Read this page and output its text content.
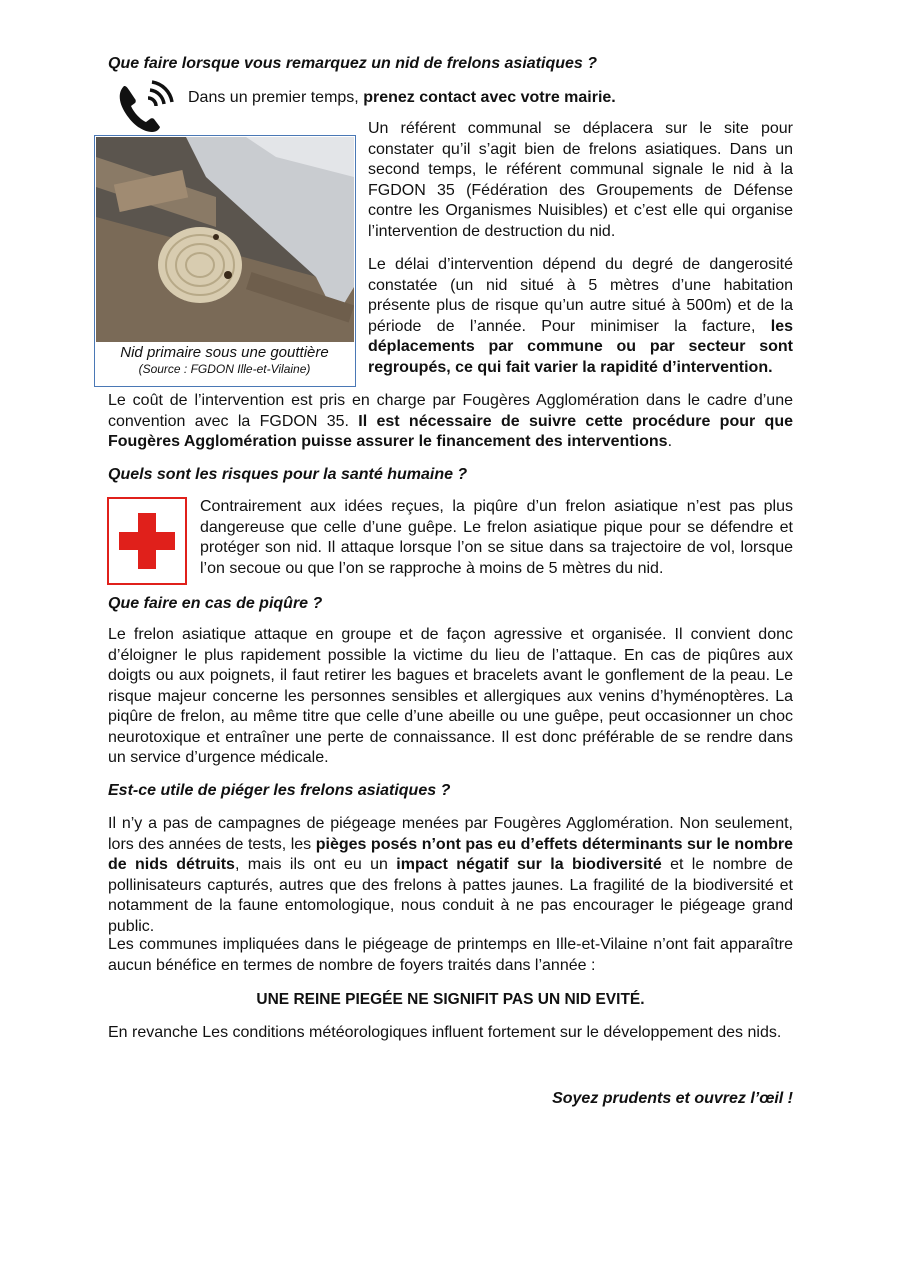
Que faire lorsque vous remarquez un nid de frelons asiatiques ?
Dans un premier temps, prenez contact avec votre mairie.
Nid primaire sous une gouttière
(Source : FGDON Ille-et-Vilaine)

Un référent communal se déplacera sur le site pour constater qu’il s’agit bien de frelons asiatiques. Dans un second temps, le référent communal signale le nid à la FGDON 35 (Fédération des Groupements de Défense contre les Organismes Nuisibles) et c’est elle qui organise l’intervention de destruction du nid.

Le délai d’intervention dépend du degré de dangerosité constatée (un nid situé à 5 mètres d’une habitation présente plus de risque qu’un autre situé à 500m) et de la période de l’année. Pour minimiser la facture, les déplacements par commune ou par secteur sont regroupés, ce qui fait varier la rapidité d’intervention.

Le coût de l’intervention est pris en charge par Fougères Agglomération dans le cadre d’une convention avec la FGDON 35. Il est nécessaire de suivre cette procédure pour que Fougères Agglomération puisse assurer le financement des interventions.

Quels sont les risques pour la santé humaine ?

Contrairement aux idées reçues, la piqûre d’un frelon asiatique n’est pas plus dangereuse que celle d’une guêpe. Le frelon asiatique pique pour se défendre et protéger son nid. Il attaque lorsque l’on se situe dans sa trajectoire de vol, lorsque l’on secoue ou que l’on se rapproche à moins de 5 mètres du nid.

Que faire en cas de piqûre ?

Le frelon asiatique attaque en groupe et de façon agressive et organisée. Il convient donc d’éloigner le plus rapidement possible la victime du lieu de l’attaque. En cas de piqûres aux doigts ou aux poignets, il faut retirer les bagues et bracelets avant le gonflement de la peau. Le risque majeur concerne les personnes sensibles et allergiques aux venins d’hyménoptères. La piqûre de frelon, au même titre que celle d’une abeille ou une guêpe, peut occasionner un choc neurotoxique et entraîner une perte de connaissance. Il est donc préférable de se rendre dans un service d’urgence médicale.

Est-ce utile de piéger les frelons asiatiques ?

Il n’y a pas de campagnes de piégeage menées par Fougères Agglomération. Non seulement, lors des années de tests, les pièges posés n’ont pas eu d’effets déterminants sur le nombre de nids détruits, mais ils ont eu un impact négatif sur la biodiversité et le nombre de pollinisateurs capturés, autres que des frelons à pattes jaunes. La fragilité de la biodiversité et notamment de la faune entomologique, nous conduit à ne pas encourager le piégeage grand public.

Les communes impliquées dans le piégeage de printemps en Ille-et-Vilaine n’ont fait apparaître aucun bénéfice en termes de nombre de foyers traités dans l’année :

UNE REINE PIEGÉE NE SIGNIFIT PAS UN NID EVITÉ.

En revanche Les conditions météorologiques influent fortement sur le développement des nids.

Soyez prudents et ouvrez l’œil !
